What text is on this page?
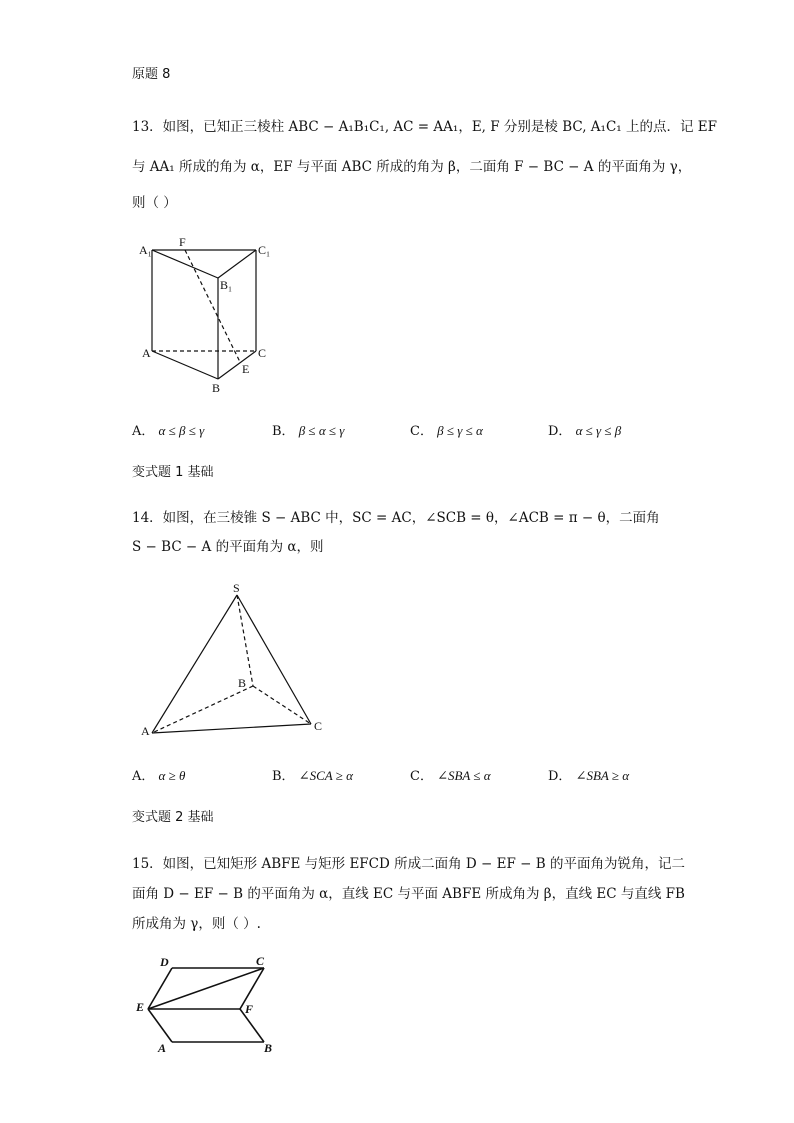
原题 8
13．如图，已知正三棱柱 ABC − A₁B₁C₁, AC = AA₁，E, F 分别是棱 BC, A₁C₁ 上的点．记 EF
与 AA₁ 所成的角为 α，EF 与平面 ABC 所成的角为 β，二面角 F − BC − A 的平面角为 γ，
则（ ）
A₁
F
C₁
B₁
A	C
E
B
A． α ≤ β ≤ γ	B． β ≤ α ≤ γ	C． β ≤ γ ≤ α	D． α ≤ γ ≤ β
变式题 1 基础
14．如图，在三棱锥 S − ABC 中，SC = AC，∠SCB = θ，∠ACB = π − θ，二面角
S − BC − A 的平面角为 α，则
S
B
A	C
A． α ≥ θ	B． ∠SCA ≥ α	C． ∠SBA ≤ α	D． ∠SBA ≥ α
变式题 2 基础
15．如图，已知矩形 ABFE 与矩形 EFCD 所成二面角 D − EF − B 的平面角为锐角，记二
面角 D − EF − B 的平面角为 α，直线 EC 与平面 ABFE 所成角为 β，直线 EC 与直线 FB
所成角为 γ，则（ ）.
D	C
E	F
A	B
